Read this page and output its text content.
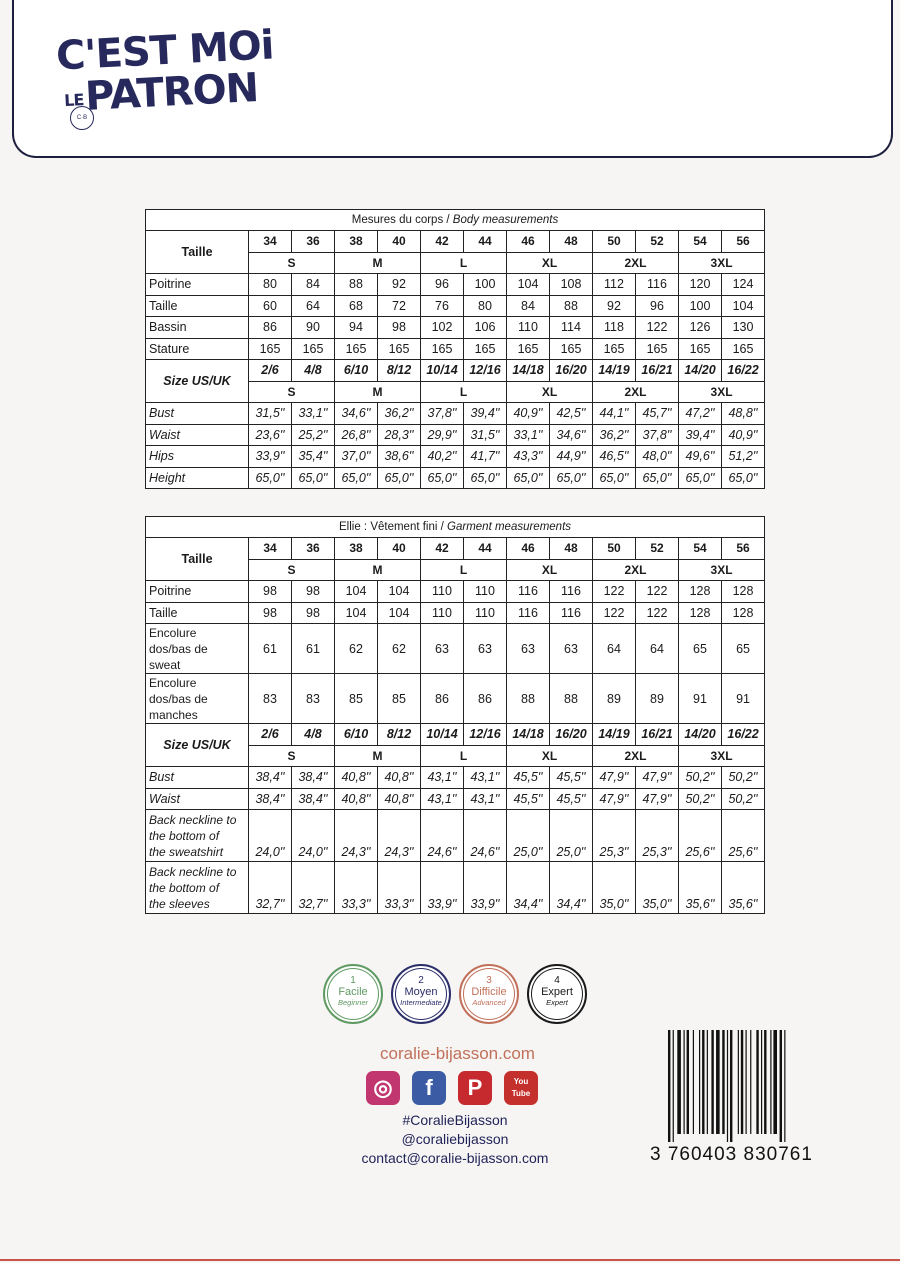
C'EST MOi
LEPATRON
C·B
Mesures du corps / Body measurements												
Taille	34	36	38	40	42	44	46	48	50	52	54	56
	S		M		L		XL		2XL		3XL	

Poitrine	80	84	88	92	96	100	104	108	112	116	120	124

Taille	60	64	68	72	76	80	84	88	92	96	100	104

Bassin	86	90	94	98	102	106	110	114	118	122	126	130

Stature	165	165	165	165	165	165	165	165	165	165	165	165
Size US/UK	2/6	4/8	6/10	8/12	10/14	12/16	14/18	16/20	14/19	16/21	14/20	16/22
	S		M		L		XL		2XL		3XL	

Bust	31,5''	33,1''	34,6''	36,2''	37,8''	39,4''	40,9''	42,5''	44,1''	45,7''	47,2''	48,8''

Waist	23,6''	25,2''	26,8''	28,3''	29,9''	31,5''	33,1''	34,6''	36,2''	37,8''	39,4''	40,9''

Hips	33,9''	35,4''	37,0''	38,6''	40,2''	41,7''	43,3''	44,9''	46,5''	48,0''	49,6''	51,2''

Height	65,0''	65,0''	65,0''	65,0''	65,0''	65,0''	65,0''	65,0''	65,0''	65,0''	65,0''	65,0''
Ellie : Vêtement fini / Garment measurements												
Taille	34	36	38	40	42	44	46	48	50	52	54	56
	S		M		L		XL		2XL		3XL	

Poitrine	98	98	104	104	110	110	116	116	122	122	128	128

Taille	98	98	104	104	110	110	116	116	122	122	128	128

Encolure
dos/bas de
sweat	61	61	62	62	63	63	63	63	64	64	65	65

Encolure
dos/bas de
manches	83	83	85	85	86	86	88	88	89	89	91	91
Size US/UK	2/6	4/8	6/10	8/12	10/14	12/16	14/18	16/20	14/19	16/21	14/20	16/22
	S		M		L		XL		2XL		3XL	

Bust	38,4''	38,4''	40,8''	40,8''	43,1''	43,1''	45,5''	45,5''	47,9''	47,9''	50,2''	50,2''

Waist	38,4''	38,4''	40,8''	40,8''	43,1''	43,1''	45,5''	45,5''	47,9''	47,9''	50,2''	50,2''

Back neckline to
the bottom of
the sweatshirt	24,0''	24,0''	24,3''	24,3''	24,6''	24,6''	25,0''	25,0''	25,3''	25,3''	25,6''	25,6''

Back neckline to
the bottom of
the sleeves	32,7''	32,7''	33,3''	33,3''	33,9''	33,9''	34,4''	34,4''	35,0''	35,0''	35,6''	35,6''
1
Facile
Beginner
2
Moyen
Intermediate
3
Difficile
Advanced
4
Expert
Expert
coralie-bijasson.com
◎	f	P	You Tube
#CoralieBijasson
@coraliebijasson
contact@coralie-bijasson.com	3 760403 830761
